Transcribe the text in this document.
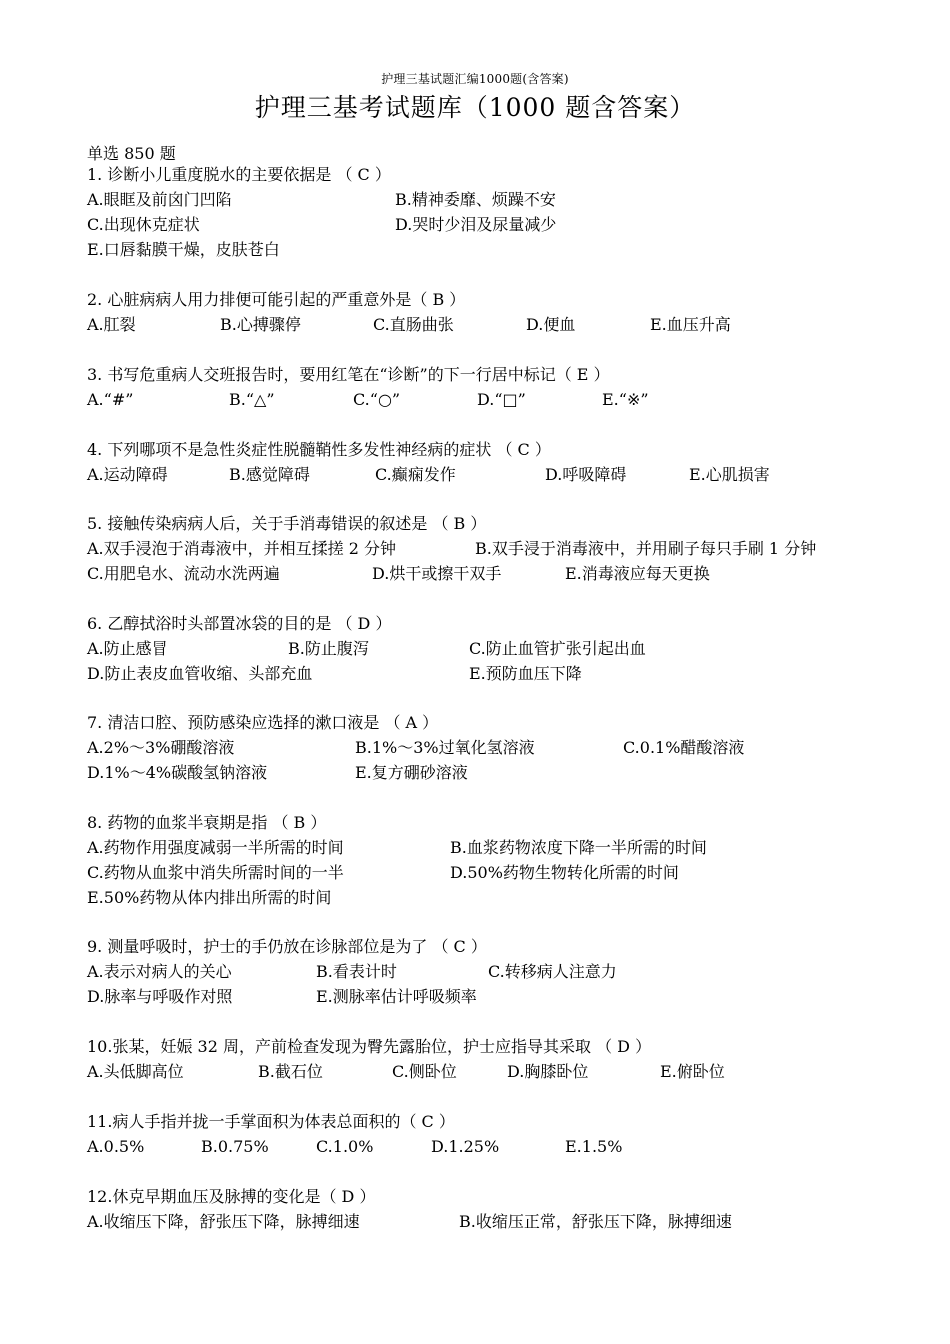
护理三基试题汇编1000题(含答案)
护理三基考试题库（1000 题含答案）
单选 850 题
1. 诊断小儿重度脱水的主要依据是 （ C ）
A.眼眶及前囟门凹陷	B.精神委靡、烦躁不安
C.出现休克症状	D.哭时少泪及尿量减少
E.口唇黏膜干燥，皮肤苍白
2. 心脏病病人用力排便可能引起的严重意外是（ B ）
A.肛裂	B.心搏骤停	C.直肠曲张	D.便血	E.血压升高
3. 书写危重病人交班报告时，要用红笔在“诊断”的下一行居中标记（ E ）
A.“#”	B.“△”	C.“○”	D.“□”	E.“※”
4. 下列哪项不是急性炎症性脱髓鞘性多发性神经病的症状 （ C ）
A.运动障碍	B.感觉障碍	C.癫痫发作	D.呼吸障碍	E.心肌损害
5. 接触传染病病人后，关于手消毒错误的叙述是 （ B ）
A.双手浸泡于消毒液中，并相互揉搓 2 分钟	B.双手浸于消毒液中，并用刷子每只手刷 1 分钟
C.用肥皂水、流动水洗两遍	D.烘干或擦干双手	E.消毒液应每天更换
6. 乙醇拭浴时头部置冰袋的目的是 （ D ）
A.防止感冒	B.防止腹泻	C.防止血管扩张引起出血
D.防止表皮血管收缩、头部充血	E.预防血压下降
7. 清洁口腔、预防感染应选择的漱口液是 （ A ）
A.2%～3%硼酸溶液	B.1%～3%过氧化氢溶液	C.0.1%醋酸溶液
D.1%～4%碳酸氢钠溶液	E.复方硼砂溶液
8. 药物的血浆半衰期是指 （ B ）
A.药物作用强度减弱一半所需的时间	B.血浆药物浓度下降一半所需的时间
C.药物从血浆中消失所需时间的一半	D.50%药物生物转化所需的时间
E.50%药物从体内排出所需的时间
9. 测量呼吸时，护士的手仍放在诊脉部位是为了 （ C ）
A.表示对病人的关心	B.看表计时	C.转移病人注意力
D.脉率与呼吸作对照	E.测脉率估计呼吸频率
10.张某，妊娠 32 周，产前检查发现为臀先露胎位，护士应指导其采取 （ D ）
A.头低脚高位	B.截石位	C.侧卧位	D.胸膝卧位	E.俯卧位
11.病人手指并拢一手掌面积为体表总面积的（ C ）
A.0.5%	B.0.75%	C.1.0%	D.1.25%	E.1.5%
12.休克早期血压及脉搏的变化是（ D ）
A.收缩压下降，舒张压下降，脉搏细速	B.收缩压正常，舒张压下降，脉搏细速
